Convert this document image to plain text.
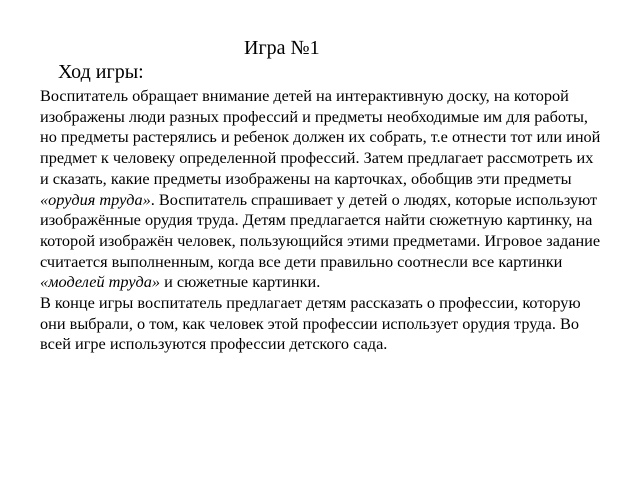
Игра №1
Ход игры:

Воспитатель обращает внимание детей на интерактивную доску, на которой изображены люди разных профессий и предметы необходимые им для работы, но предметы растерялись и ребенок должен их собрать, т.е отнести тот или иной предмет к человеку определенной профессий. Затем предлагает рассмотреть их и сказать, какие предметы изображены на карточках, обобщив эти предметы «орудия труда». Воспитатель спрашивает у детей о людях, которые используют изображённые орудия труда. Детям предлагается найти сюжетную картинку, на которой изображён человек, пользующийся этими предметами. Игровое задание считается выполненным, когда все дети правильно соотнесли все картинки «моделей труда» и сюжетные картинки.

В конце игры воспитатель предлагает детям рассказать о профессии, которую они выбрали, о том, как человек этой профессии использует орудия труда. Во всей игре используются профессии детского сада.
